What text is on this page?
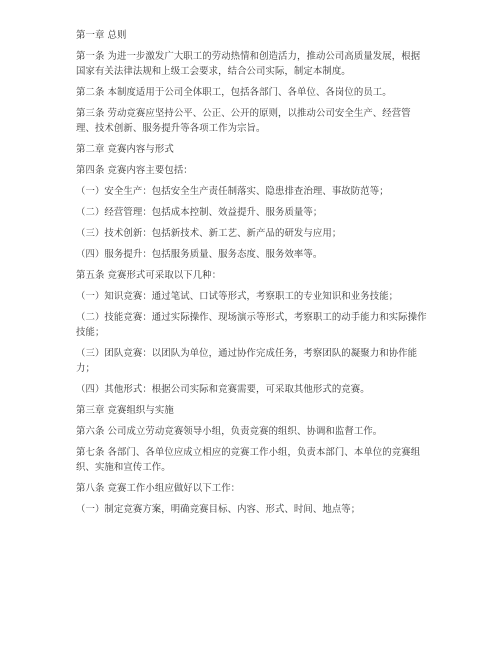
第一章 总则

第一条 为进一步激发广大职工的劳动热情和创造活力，推动公司高质量发展，根据国家有关法律法规和上级工会要求，结合公司实际，制定本制度。

第二条 本制度适用于公司全体职工，包括各部门、各单位、各岗位的员工。

第三条 劳动竞赛应坚持公平、公正、公开的原则，以推动公司安全生产、经营管理、技术创新、服务提升等各项工作为宗旨。

第二章 竞赛内容与形式

第四条 竞赛内容主要包括：

（一）安全生产：包括安全生产责任制落实、隐患排查治理、事故防范等；

（二）经营管理：包括成本控制、效益提升、服务质量等；

（三）技术创新：包括新技术、新工艺、新产品的研发与应用；

（四）服务提升：包括服务质量、服务态度、服务效率等。

第五条 竞赛形式可采取以下几种：

（一）知识竞赛：通过笔试、口试等形式，考察职工的专业知识和业务技能；

（二）技能竞赛：通过实际操作、现场演示等形式，考察职工的动手能力和实际操作技能；

（三）团队竞赛：以团队为单位，通过协作完成任务，考察团队的凝聚力和协作能力；

（四）其他形式：根据公司实际和竞赛需要，可采取其他形式的竞赛。

第三章 竞赛组织与实施

第六条 公司成立劳动竞赛领导小组，负责竞赛的组织、协调和监督工作。

第七条 各部门、各单位应成立相应的竞赛工作小组，负责本部门、本单位的竞赛组织、实施和宣传工作。

第八条 竞赛工作小组应做好以下工作：

（一）制定竞赛方案，明确竞赛目标、内容、形式、时间、地点等；
